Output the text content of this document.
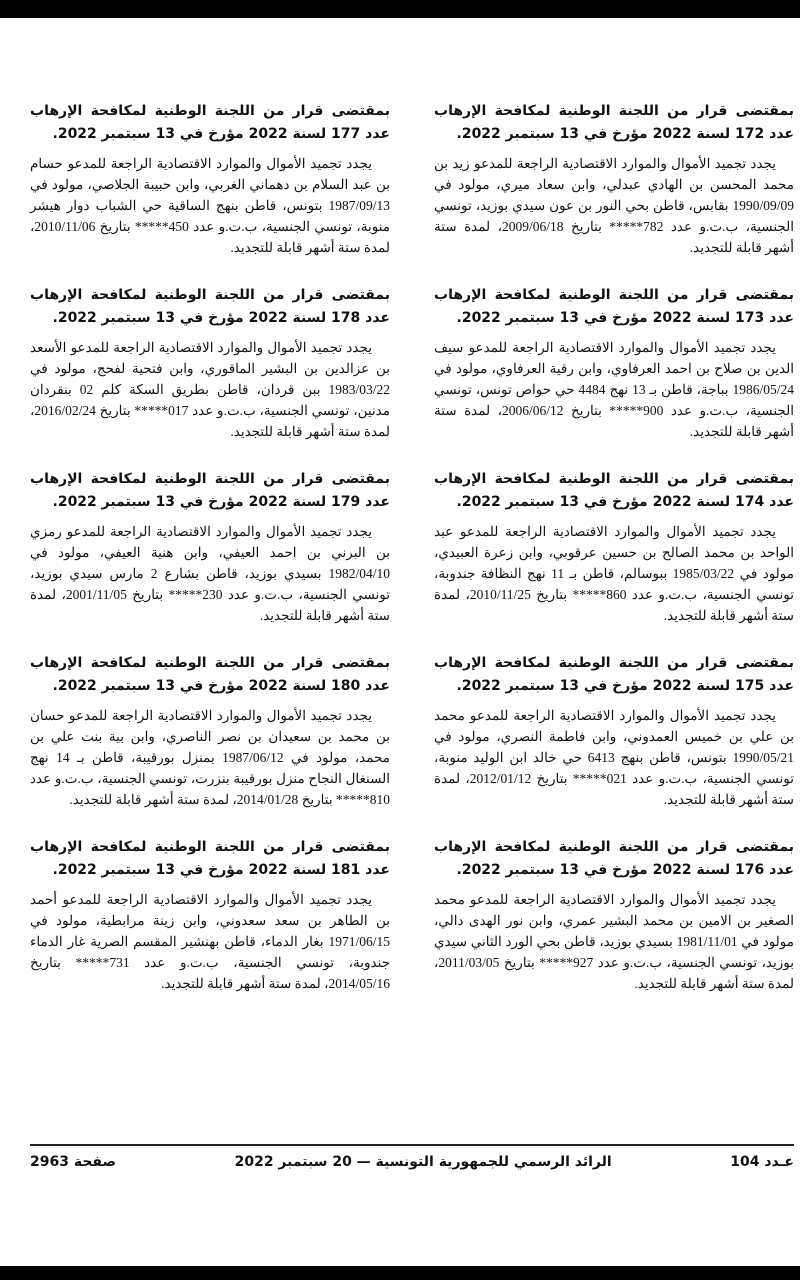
بمقتضى قرار من اللجنة الوطنية لمكافحة الإرهاب عدد 172 لسنة 2022 مؤرخ في 13 سبتمبر 2022.

يجدد تجميد الأموال والموارد الاقتصادية الراجعة للمدعو زيد بن محمد المحسن بن الهادي عبدلي، وابن سعاد ميري، مولود في 1990/09/09 بقابس، قاطن بحي النور بن عون سيدي بوزيد، تونسي الجنسية، ب.ت.و عدد 782***** بتاريخ 2009/06/18، لمدة ستة أشهر قابلة للتجديد.

بمقتضى قرار من اللجنة الوطنية لمكافحة الإرهاب عدد 173 لسنة 2022 مؤرخ في 13 سبتمبر 2022.

يجدد تجميد الأموال والموارد الاقتصادية الراجعة للمدعو سيف الدين بن صلاح بن احمد العرفاوي، وابن رقية العرفاوي، مولود في 1986/05/24 بباجة، قاطن بـ 13 نهج 4484 حي حواص تونس، تونسي الجنسية، ب.ت.و عدد 900***** بتاريخ 2006/06/12، لمدة ستة أشهر قابلة للتجديد.

بمقتضى قرار من اللجنة الوطنية لمكافحة الإرهاب عدد 174 لسنة 2022 مؤرخ في 13 سبتمبر 2022.

يجدد تجميد الأموال والموارد الاقتصادية الراجعة للمدعو عبد الواحد بن محمد الصالح بن حسين عرقوبي، وابن زعرة العبيدي، مولود في 1985/03/22 ببوسالم، قاطن بـ 11 نهج النظافة جندوبة، تونسي الجنسية، ب.ت.و عدد 860***** بتاريخ 2010/11/25، لمدة ستة أشهر قابلة للتجديد.

بمقتضى قرار من اللجنة الوطنية لمكافحة الإرهاب عدد 175 لسنة 2022 مؤرخ في 13 سبتمبر 2022.

يجدد تجميد الأموال والموارد الاقتصادية الراجعة للمدعو محمد بن علي بن خميس العمدوني، وابن فاطمة النصري، مولود في 1990/05/21 بتونس، قاطن بنهج 6413 حي خالد ابن الوليد منوبة، تونسي الجنسية، ب.ت.و عدد 021***** بتاريخ 2012/01/12، لمدة ستة أشهر قابلة للتجديد.

بمقتضى قرار من اللجنة الوطنية لمكافحة الإرهاب عدد 176 لسنة 2022 مؤرخ في 13 سبتمبر 2022.

يجدد تجميد الأموال والموارد الاقتصادية الراجعة للمدعو محمد الصغير بن الامين بن محمد البشير عمري، وابن نور الهدى دالي، مولود في 1981/11/01 بسيدي بوزيد، قاطن بحي الورد الثاني سيدي بوزيد، تونسي الجنسية، ب.ت.و عدد 927***** بتاريخ 2011/03/05، لمدة ستة أشهر قابلة للتجديد.

بمقتضى قرار من اللجنة الوطنية لمكافحة الإرهاب عدد 177 لسنة 2022 مؤرخ في 13 سبتمبر 2022.

يجدد تجميد الأموال والموارد الاقتصادية الراجعة للمدعو حسام بن عبد السلام بن دهماني الغربي، وابن حبيبة الجلاصي، مولود في 1987/09/13 بتونس، قاطن بنهج الساقية حي الشباب دوار هيشر منوبة، تونسي الجنسية، ب.ت.و عدد 450***** بتاريخ 2010/11/06، لمدة ستة أشهر قابلة للتجديد.

بمقتضى قرار من اللجنة الوطنية لمكافحة الإرهاب عدد 178 لسنة 2022 مؤرخ في 13 سبتمبر 2022.

يجدد تجميد الأموال والموارد الاقتصادية الراجعة للمدعو الأسعد بن عزالدين بن البشير الماقوري، وابن فتحية لفحج، مولود في 1983/03/22 ببن قردان، قاطن بطريق السكة كلم 02 بنقردان مدنين، تونسي الجنسية، ب.ت.و عدد 017***** بتاريخ 2016/02/24، لمدة ستة أشهر قابلة للتجديد.

بمقتضى قرار من اللجنة الوطنية لمكافحة الإرهاب عدد 179 لسنة 2022 مؤرخ في 13 سبتمبر 2022.

يجدد تجميد الأموال والموارد الاقتصادية الراجعة للمدعو رمزي بن البرني بن احمد العيفي، وابن هنية العيفي، مولود في 1982/04/10 بسيدي بوزيد، قاطن بشارع 2 مارس سيدي بوزيد، تونسي الجنسية، ب.ت.و عدد 230***** بتاريخ 2001/11/05، لمدة ستة أشهر قابلة للتجديد.

بمقتضى قرار من اللجنة الوطنية لمكافحة الإرهاب عدد 180 لسنة 2022 مؤرخ في 13 سبتمبر 2022.

يجدد تجميد الأموال والموارد الاقتصادية الراجعة للمدعو حسان بن محمد بن سعيدان بن نصر الناصري، وابن بية بنت علي بن محمد، مولود في 1987/06/12 بمنزل بورقيبة، قاطن بـ 14 نهج السنغال النجاح منزل بورقيبة بنزرت، تونسي الجنسية، ب.ت.و عدد 810***** بتاريخ 2014/01/28، لمدة ستة أشهر قابلة للتجديد.

بمقتضى قرار من اللجنة الوطنية لمكافحة الإرهاب عدد 181 لسنة 2022 مؤرخ في 13 سبتمبر 2022.

يجدد تجميد الأموال والموارد الاقتصادية الراجعة للمدعو أحمد بن الطاهر بن سعد سعدوني، وابن زينة مرابطية، مولود في 1971/06/15 بغار الدماء، قاطن بهنشير المقسم الصرية غار الدماء جندوبة، تونسي الجنسية، ب.ت.و عدد 731***** بتاريخ 2014/05/16، لمدة ستة أشهر قابلة للتجديد.

عـدد 104
الرائد الرسمي للجمهورية التونسية — 20 سبتمبر 2022
صفحة 2963
